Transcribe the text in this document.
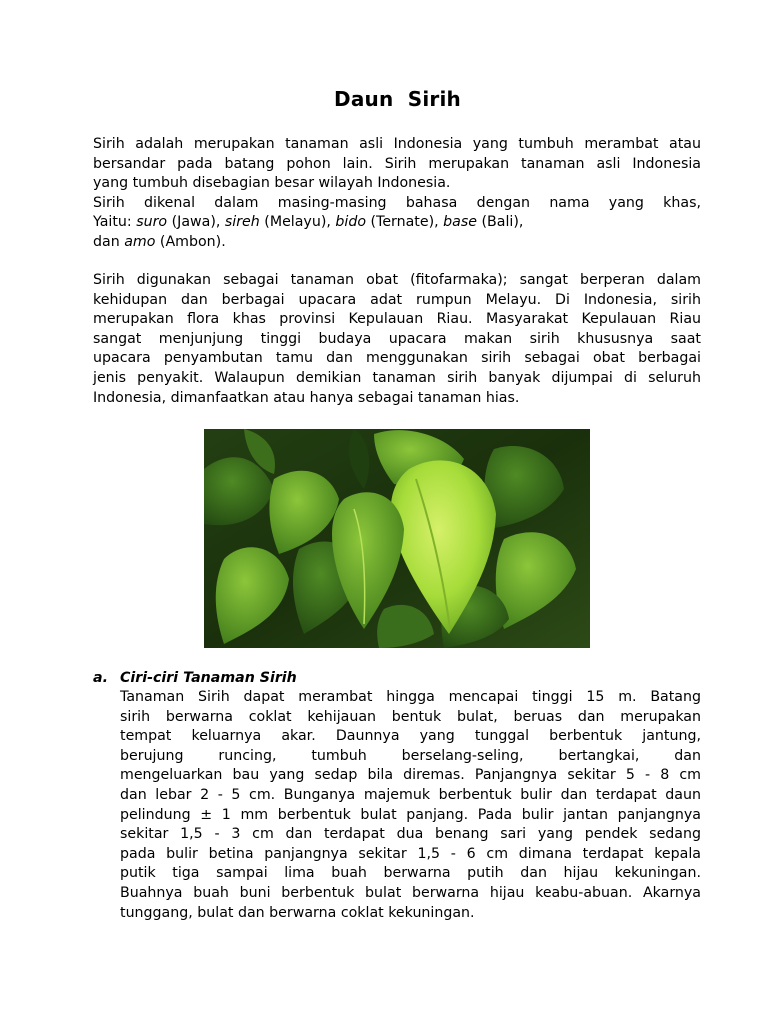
Daun  Sirih
Sirih adalah merupakan tanaman asli Indonesia yang tumbuh merambat atau
bersandar pada batang pohon lain. Sirih merupakan tanaman asli Indonesia
yang tumbuh disebagian besar wilayah Indonesia.
Sirih dikenal dalam masing-masing bahasa dengan nama yang khas,
Yaitu: suro (Jawa), sireh (Melayu), bido (Ternate), base (Bali),
dan amo (Ambon).
Sirih digunakan sebagai tanaman obat (fitofarmaka); sangat berperan dalam
kehidupan dan berbagai upacara adat rumpun Melayu. Di Indonesia, sirih
merupakan flora khas provinsi Kepulauan Riau. Masyarakat Kepulauan Riau
sangat menjunjung tinggi budaya upacara makan sirih khususnya saat
upacara penyambutan tamu dan menggunakan sirih sebagai obat berbagai
jenis penyakit. Walaupun demikian tanaman sirih banyak dijumpai di seluruh
Indonesia, dimanfaatkan atau hanya sebagai tanaman hias.
a. Ciri-ciri Tanaman Sirih
Tanaman Sirih dapat merambat hingga mencapai tinggi 15 m. Batang
sirih berwarna coklat kehijauan bentuk bulat, beruas dan merupakan
tempat keluarnya akar. Daunnya yang tunggal berbentuk jantung,
berujung runcing, tumbuh berselang-seling, bertangkai, dan
mengeluarkan bau yang sedap bila diremas. Panjangnya sekitar 5 - 8 cm
dan lebar 2 - 5 cm. Bunganya majemuk berbentuk bulir dan terdapat daun
pelindung ± 1 mm berbentuk bulat panjang. Pada bulir jantan panjangnya
sekitar 1,5 - 3 cm dan terdapat dua benang sari yang pendek sedang
pada bulir betina panjangnya sekitar 1,5 - 6 cm dimana terdapat kepala
putik tiga sampai lima buah berwarna putih dan hijau kekuningan.
Buahnya buah buni berbentuk bulat berwarna hijau keabu-abuan. Akarnya
tunggang, bulat dan berwarna coklat kekuningan.
